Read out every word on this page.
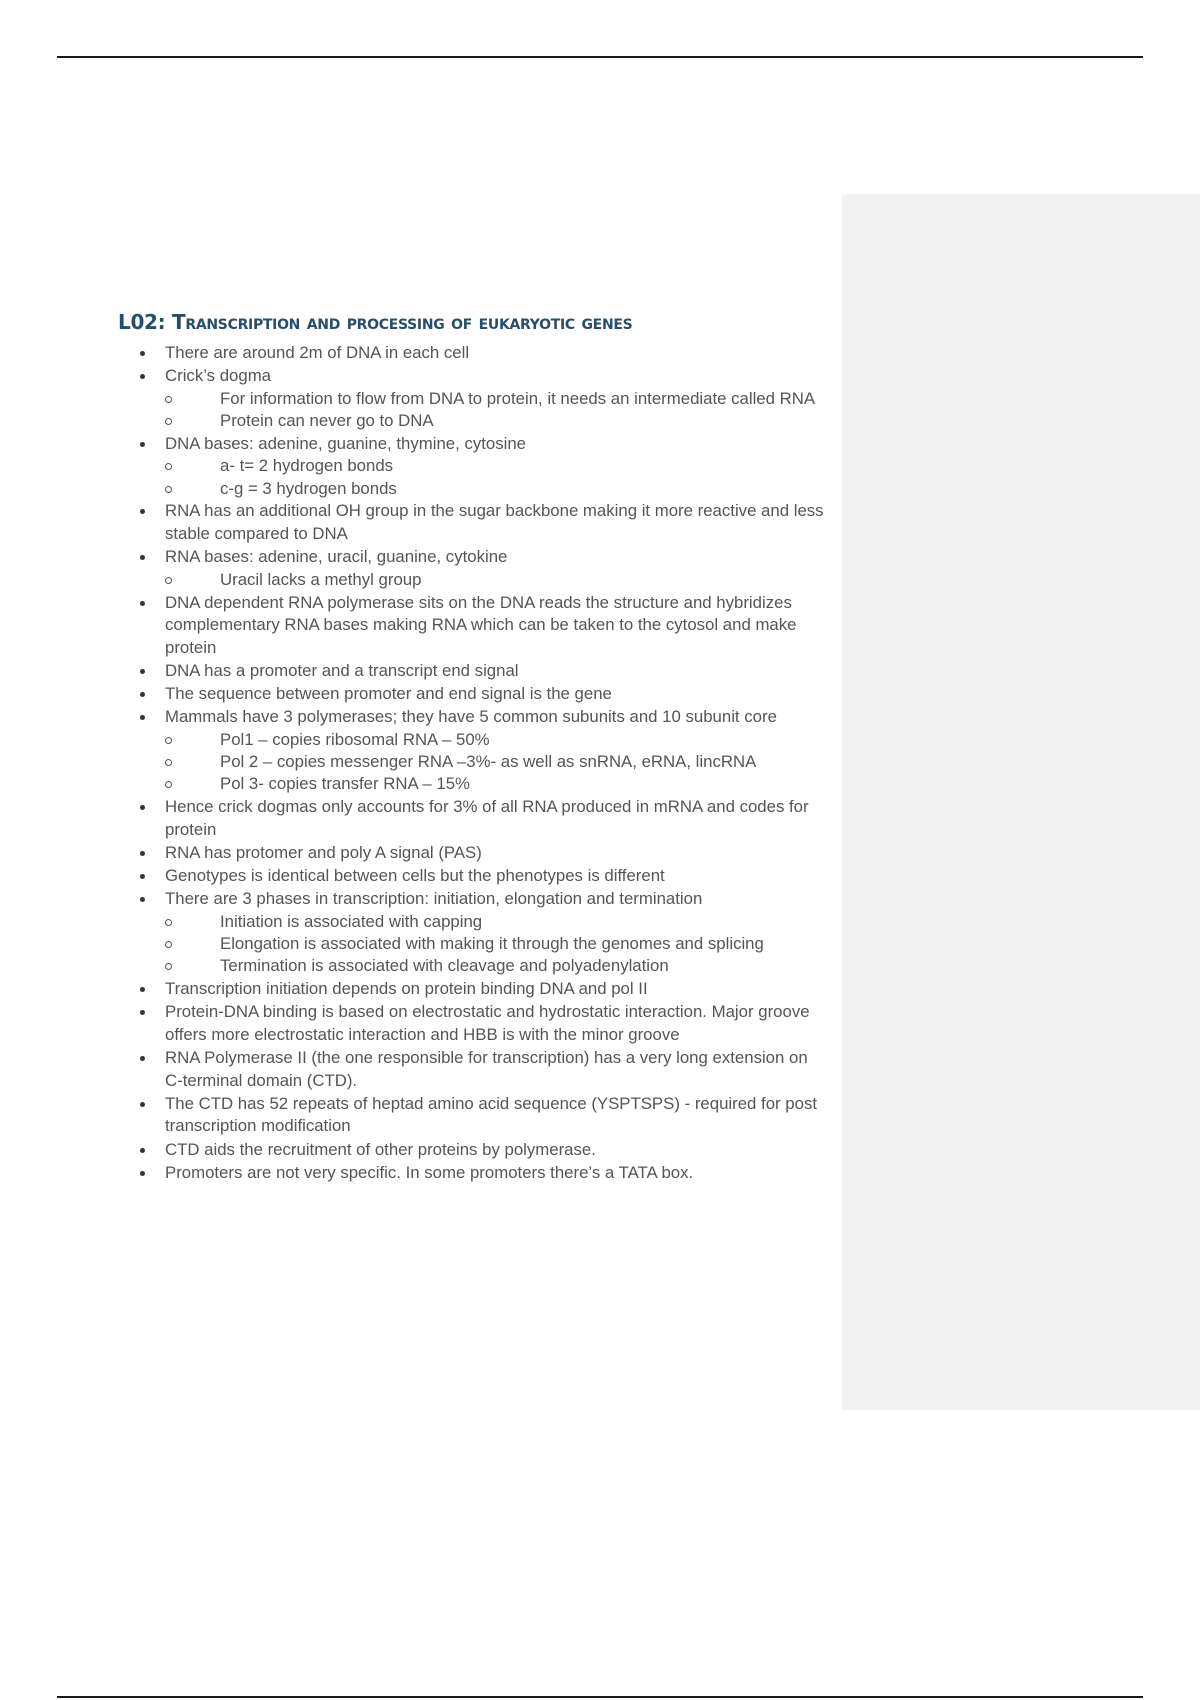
L02: Transcription and processing of eukaryotic genes
There are around 2m of DNA in each cell
Crick’s dogma
For information to flow from DNA to protein, it needs an intermediate called RNA
Protein can never go to DNA
DNA bases: adenine, guanine, thymine, cytosine
a- t= 2 hydrogen bonds
c-g = 3 hydrogen bonds
RNA has an additional OH group in the sugar backbone making it more reactive and less stable compared to DNA
RNA bases: adenine, uracil, guanine, cytokine
Uracil lacks a methyl group
DNA dependent RNA polymerase sits on the DNA reads the structure and hybridizes complementary RNA bases making RNA which can be taken to the cytosol and make protein
DNA has a promoter and a transcript end signal
The sequence between promoter and end signal is the gene
Mammals have 3 polymerases; they have 5 common subunits and 10 subunit core
Pol1 – copies ribosomal RNA – 50%
Pol 2 – copies messenger RNA –3%- as well as snRNA, eRNA, lincRNA
Pol 3- copies transfer RNA – 15%
Hence crick dogmas only accounts for 3% of all RNA produced in mRNA and codes for protein
RNA has protomer and poly A signal (PAS)
Genotypes is identical between cells but the phenotypes is different
There are 3 phases in transcription: initiation, elongation and termination
Initiation is associated with capping
Elongation is associated with making it through the genomes and splicing
Termination is associated with cleavage and polyadenylation
Transcription initiation depends on protein binding DNA and pol II
Protein-DNA binding is based on electrostatic and hydrostatic interaction. Major groove offers more electrostatic interaction and HBB is with the minor groove
RNA Polymerase II (the one responsible for transcription) has a very long extension on C-terminal domain (CTD).
The CTD has 52 repeats of heptad amino acid sequence (YSPTSPS) - required for post transcription modification
CTD aids the recruitment of other proteins by polymerase.
Promoters are not very specific. In some promoters there’s a TATA box.
